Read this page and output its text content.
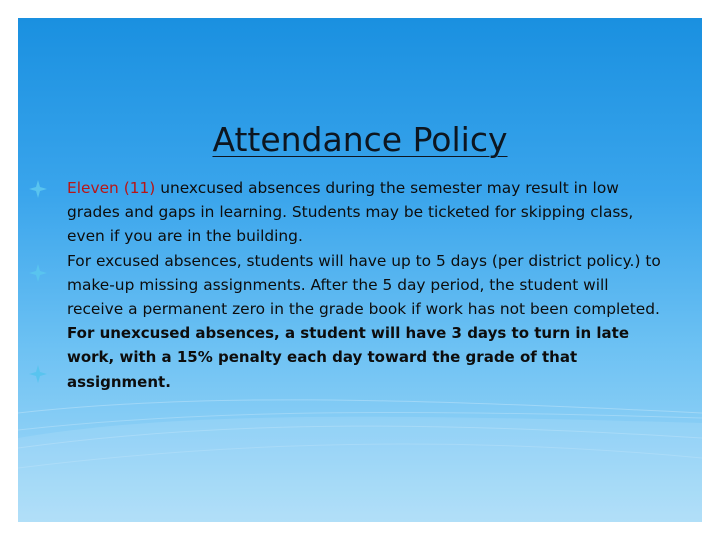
Attendance Policy

Eleven (11) unexcused absences during the semester may result in low grades and gaps in learning. Students may be ticketed for skipping class, even if you are in the building.

For excused absences, students will have up to 5 days (per district policy.) to make-up missing assignments. After the 5 day period, the student will receive a permanent zero in the grade book if work has not been completed.

For unexcused absences, a student will have 3 days to turn in late work, with a 15% penalty each day toward the grade of that assignment.
